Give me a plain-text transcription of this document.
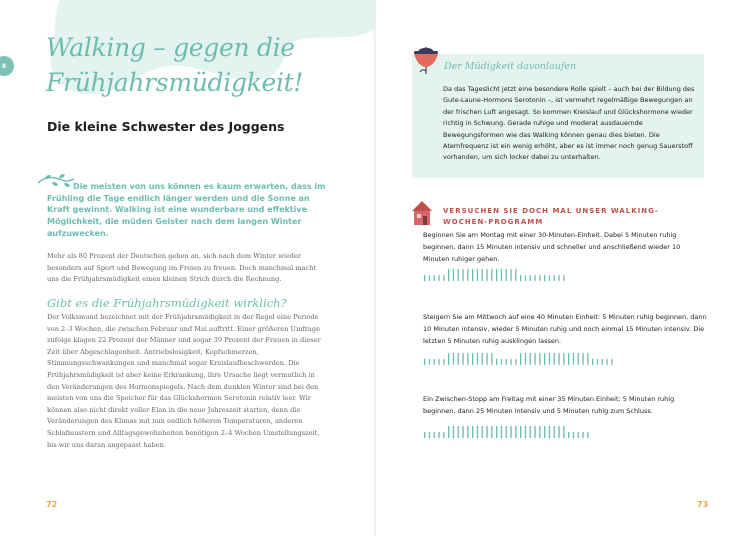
8
Walking – gegen die Frühjahrsmüdigkeit!
Die kleine Schwester des Joggens

Die meisten von uns können es kaum erwarten, dass im Frühling die Tage endlich länger werden und die Sonne an Kraft gewinnt. Walking ist eine wunderbare und effektive Möglichkeit, die müden Geister nach dem langen Winter aufzuwecken.

Mehr als 80 Prozent der Deutschen geben an, sich nach dem Winter wieder besonders auf Sport und Bewegung im Freien zu freuen. Doch manchmal macht uns die Frühjahrsmüdigkeit einen kleinen Strich durch die Rechnung.

Gibt es die Frühjahrsmüdigkeit wirklich?

Der Volksmund bezeichnet mit der Frühjahrsmüdigkeit in der Regel eine Periode von 2–3 Wochen, die zwischen Februar und Mai auftritt. Einer größeren Umfrage zufolge klagen 22 Prozent der Männer und sogar 39 Prozent der Frauen in dieser Zeit über Abgeschlagenheit. Antriebslosigkeit, Kopfschmerzen, Stimmungsschwankungen und manchmal sogar Kreislaufbeschwerden. Die Frühjahrsmüdigkeit ist aber keine Erkrankung, ihre Ursache liegt vermutlich in den Veränderungen des Hormonspiegels. Nach dem dunklen Winter sind bei den meisten von uns die Speicher für das Glückshormon Serotonin relativ leer. Wir können also nicht direkt voller Elan in die neue Jahreszeit starten, denn die Veränderungen des Klimas mit nun endlich höheren Temperaturen, anderen Schlafmustern und Alltagsgewohnheiten benötigen 2–4 Wochen Umstellungszeit, bis wir uns daran angepasst haben.

72

Der Müdigkeit davonlaufen

Da das Tageslicht jetzt eine besondere Rolle spielt – auch bei der Bildung des Gute-Laune-Hormons Serotonin –, ist vermehrt regelmäßige Bewegungen an der frischen Luft angesagt. So kommen Kreislauf und Glückshormone wieder richtig in Schwung. Gerade ruhige und moderat ausdauernde Bewegungsformen wie das Walking können genau dies bieten. Die Atemfrequenz ist ein wenig erhöht, aber es ist immer noch genug Sauerstoff vorhanden, um sich locker dabei zu unterhalten.

VERSUCHEN SIE DOCH MAL UNSER WALKING-WOCHEN-PROGRAMM

Beginnen Sie am Montag mit einer 30-Minuten-Einheit. Dabei 5 Minuten ruhig beginnen, dann 15 Minuten intensiv und schneller und anschließend wieder 10 Minuten ruhiger gehen.

Steigern Sie am Mittwoch auf eine 40 Minuten Einheit: 5 Minuten ruhig beginnen, dann 10 Minuten intensiv, wieder 5 Minuten ruhig und noch einmal 15 Minuten intensiv. Die letzten 5 Minuten ruhig ausklingen lassen.

Ein Zwischen-Stopp am Freitag mit einer 35 Minuten Einheit: 5 Minuten ruhig beginnen, dann 25 Minuten intensiv und 5 Minuten ruhig zum Schluss.

73
